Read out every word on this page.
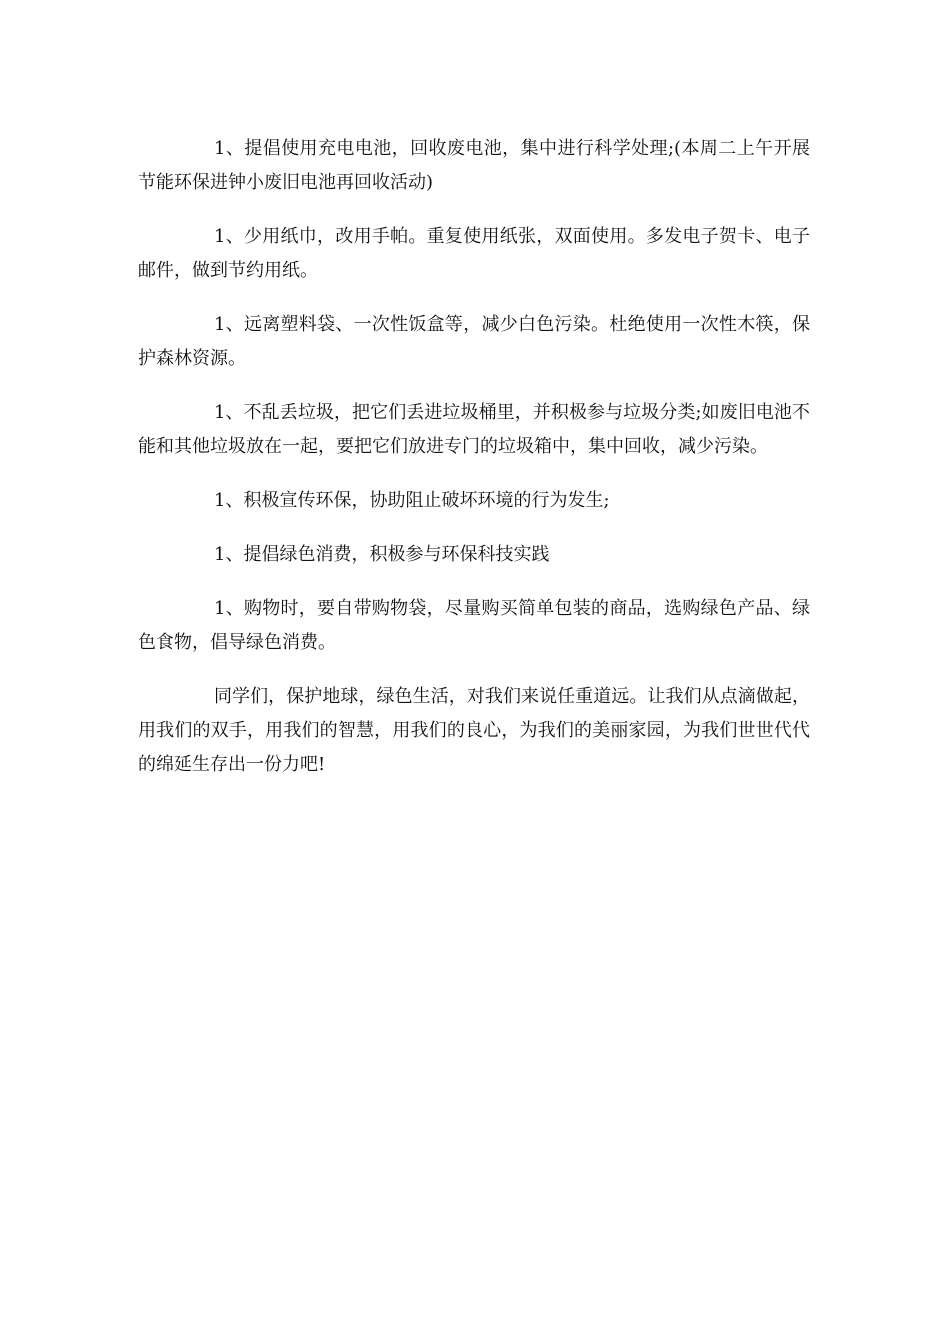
1、提倡使用充电电池，回收废电池，集中进行科学处理;(本周二上午开展节能环保进钟小废旧电池再回收活动)

1、少用纸巾，改用手帕。重复使用纸张，双面使用。多发电子贺卡、电子邮件，做到节约用纸。

1、远离塑料袋、一次性饭盒等，减少白色污染。杜绝使用一次性木筷，保护森林资源。

1、不乱丢垃圾，把它们丢进垃圾桶里，并积极参与垃圾分类;如废旧电池不能和其他垃圾放在一起，要把它们放进专门的垃圾箱中，集中回收，减少污染。

1、积极宣传环保，协助阻止破坏环境的行为发生;

1、提倡绿色消费，积极参与环保科技实践

1、购物时，要自带购物袋，尽量购买简单包装的商品，选购绿色产品、绿色食物，倡导绿色消费。

同学们，保护地球，绿色生活，对我们来说任重道远。让我们从点滴做起，用我们的双手，用我们的智慧，用我们的良心，为我们的美丽家园，为我们世世代代的绵延生存出一份力吧!
